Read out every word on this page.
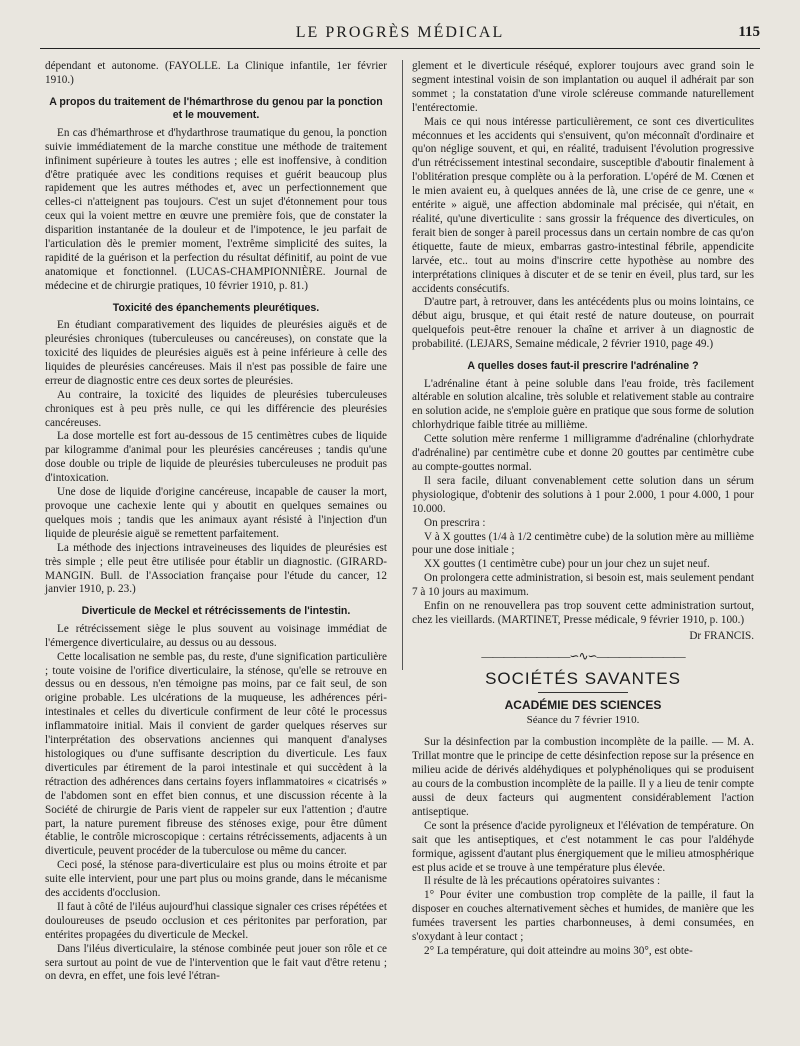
LE PROGRÈS MÉDICAL	115

dépendant et autonome. (FAYOLLE. La Clinique infantile, 1er février 1910.)

A propos du traitement de l'hémarthrose du genou par la ponction et le mouvement.

En cas d'hémarthrose et d'hydarthrose traumatique du genou, la ponction suivie immédiatement de la marche constitue une méthode de traitement infiniment supérieure à toutes les autres ; elle est inoffensive, à condition d'être pratiquée avec les conditions requises et guérit beaucoup plus rapidement que les autres méthodes et, avec un perfectionnement que celles-ci n'atteignent pas toujours. C'est un sujet d'étonnement pour tous ceux qui la voient mettre en œuvre une première fois, que de constater la disparition instantanée de la douleur et de l'impotence, le jeu parfait de l'articulation dès le premier moment, l'extrême simplicité des suites, la rapidité de la guérison et la perfection du résultat définitif, au point de vue anatomique et fonctionnel. (LUCAS-CHAMPIONNIÈRE. Journal de médecine et de chirurgie pratiques, 10 février 1910, p. 81.)

Toxicité des épanchements pleurétiques.

En étudiant comparativement des liquides de pleurésies aiguës et de pleurésies chroniques (tuberculeuses ou cancéreuses), on constate que la toxicité des liquides de pleurésies aiguës est à peine inférieure à celle des liquides de pleurésies cancéreuses. Mais il n'est pas possible de faire une erreur de diagnostic entre ces deux sortes de pleurésies.

Au contraire, la toxicité des liquides de pleurésies tuberculeuses chroniques est à peu près nulle, ce qui les différencie des pleurésies cancéreuses.

La dose mortelle est fort au-dessous de 15 centimètres cubes de liquide par kilogramme d'animal pour les pleurésies cancéreuses ; tandis qu'une dose double ou triple de liquide de pleurésies tuberculeuses ne produit pas d'intoxication.

Une dose de liquide d'origine cancéreuse, incapable de causer la mort, provoque une cachexie lente qui y aboutit en quelques semaines ou quelques mois ; tandis que les animaux ayant résisté à l'injection d'un liquide de pleurésie aiguë se remettent parfaitement.

La méthode des injections intraveineuses des liquides de pleurésies est très simple ; elle peut être utilisée pour établir un diagnostic. (GIRARD-MANGIN. Bull. de l'Association française pour l'étude du cancer, 12 janvier 1910, p. 23.)

Diverticule de Meckel et rétrécissements de l'intestin.

Le rétrécissement siège le plus souvent au voisinage immédiat de l'émergence diverticulaire, au dessus ou au dessous.

Cette localisation ne semble pas, du reste, d'une signification particulière ; toute voisine de l'orifice diverticulaire, la sténose, qu'elle se retrouve en dessus ou en dessous, n'en témoigne pas moins, par ce fait seul, de son origine probable. Les ulcérations de la muqueuse, les adhérences péri-intestinales et celles du diverticule confirment de leur côté le processus inflammatoire initial. Mais il convient de garder quelques réserves sur l'interprétation des observations anciennes qui manquent d'analyses histologiques ou d'une suffisante description du diverticule. Les faux diverticules par étirement de la paroi intestinale et qui succèdent à la rétraction des adhérences dans certains foyers inflammatoires « cicatrisés » de l'abdomen sont en effet bien connus, et une discussion récente à la Société de chirurgie de Paris vient de rappeler sur eux l'attention ; d'autre part, la nature purement fibreuse des sténoses exige, pour être dûment établie, le contrôle microscopique : certains rétrécissements, adjacents à un diverticule, peuvent procéder de la tuberculose ou même du cancer.

Ceci posé, la sténose para-diverticulaire est plus ou moins étroite et par suite elle intervient, pour une part plus ou moins grande, dans le mécanisme des accidents d'occlusion.

Il faut à côté de l'iléus aujourd'hui classique signaler ces crises répétées et douloureuses de pseudo occlusion et ces péritonites par perforation, par entérites propagées du diverticule de Meckel.

Dans l'iléus diverticulaire, la sténose combinée peut jouer son rôle et ce sera surtout au point de vue de l'intervention que le fait vaut d'être retenu ; on devra, en effet, une fois levé l'étran-

glement et le diverticule réséqué, explorer toujours avec grand soin le segment intestinal voisin de son implantation ou auquel il adhérait par son sommet ; la constatation d'une virole scléreuse commande naturellement l'entérectomie.

Mais ce qui nous intéresse particulièrement, ce sont ces diverticulites méconnues et les accidents qui s'ensuivent, qu'on méconnaît d'ordinaire et qu'on néglige souvent, et qui, en réalité, traduisent l'évolution progressive d'un rétrécissement intestinal secondaire, susceptible d'aboutir finalement à l'oblitération presque complète ou à la perforation. L'opéré de M. Cœnen et le mien avaient eu, à quelques années de là, une crise de ce genre, une « entérite » aiguë, une affection abdominale mal précisée, qui n'était, en réalité, qu'une diverticulite : sans grossir la fréquence des diverticules, on ferait bien de songer à pareil processus dans un certain nombre de cas qu'on étiquette, faute de mieux, embarras gastro-intestinal fébrile, appendicite larvée, etc.. tout au moins d'inscrire cette hypothèse au nombre des interprétations cliniques à discuter et de se tenir en éveil, plus tard, sur les accidents consécutifs.

D'autre part, à retrouver, dans les antécédents plus ou moins lointains, ce début aigu, brusque, et qui était resté de nature douteuse, on pourrait quelquefois peut-être renouer la chaîne et arriver à un diagnostic de probabilité. (LEJARS, Semaine médicale, 2 février 1910, page 49.)

A quelles doses faut-il prescrire l'adrénaline ?

L'adrénaline étant à peine soluble dans l'eau froide, très facilement altérable en solution alcaline, très soluble et relativement stable au contraire en solution acide, ne s'emploie guère en pratique que sous forme de solution chlorhydrique faible titrée au millième.

Cette solution mère renferme 1 milligramme d'adrénaline (chlorhydrate d'adrénaline) par centimètre cube et donne 20 gouttes par centimètre cube au compte-gouttes normal.

Il sera facile, diluant convenablement cette solution dans un sérum physiologique, d'obtenir des solutions à 1 pour 2.000, 1 pour 4.000, 1 pour 10.000.

On prescrira :

V à X gouttes (1/4 à 1/2 centimètre cube) de la solution mère au millième pour une dose initiale ;

XX gouttes (1 centimètre cube) pour un jour chez un sujet neuf.

On prolongera cette administration, si besoin est, mais seulement pendant 7 à 10 jours au maximum.

Enfin on ne renouvellera pas trop souvent cette administration surtout, chez les vieillards. (MARTINET, Presse médicale, 9 février 1910, p. 100.)

Dr FRANCIS.
————————∽∿∽————————
SOCIÉTÉS SAVANTES
ACADÉMIE DES SCIENCES
Séance du 7 février 1910.

Sur la désinfection par la combustion incomplète de la paille. — M. A. Trillat montre que le principe de cette désinfection repose sur la présence en milieu acide de dérivés aldéhydiques et polyphénoliques qui se produisent au cours de la combustion incomplète de la paille. Il y a lieu de tenir compte aussi de deux facteurs qui augmentent considérablement l'action antiseptique.

Ce sont la présence d'acide pyroligneux et l'élévation de température. On sait que les antiseptiques, et c'est notamment le cas pour l'aldéhyde formique, agissent d'autant plus énergiquement que le milieu atmosphérique est plus acide et se trouve à une température plus élevée.

Il résulte de là les précautions opératoires suivantes :

1° Pour éviter une combustion trop complète de la paille, il faut la disposer en couches alternativement sèches et humides, de manière que les fumées traversent les parties charbonneuses, à demi consumées, en s'oxydant à leur contact ;

2° La température, qui doit atteindre au moins 30°, est obte-
